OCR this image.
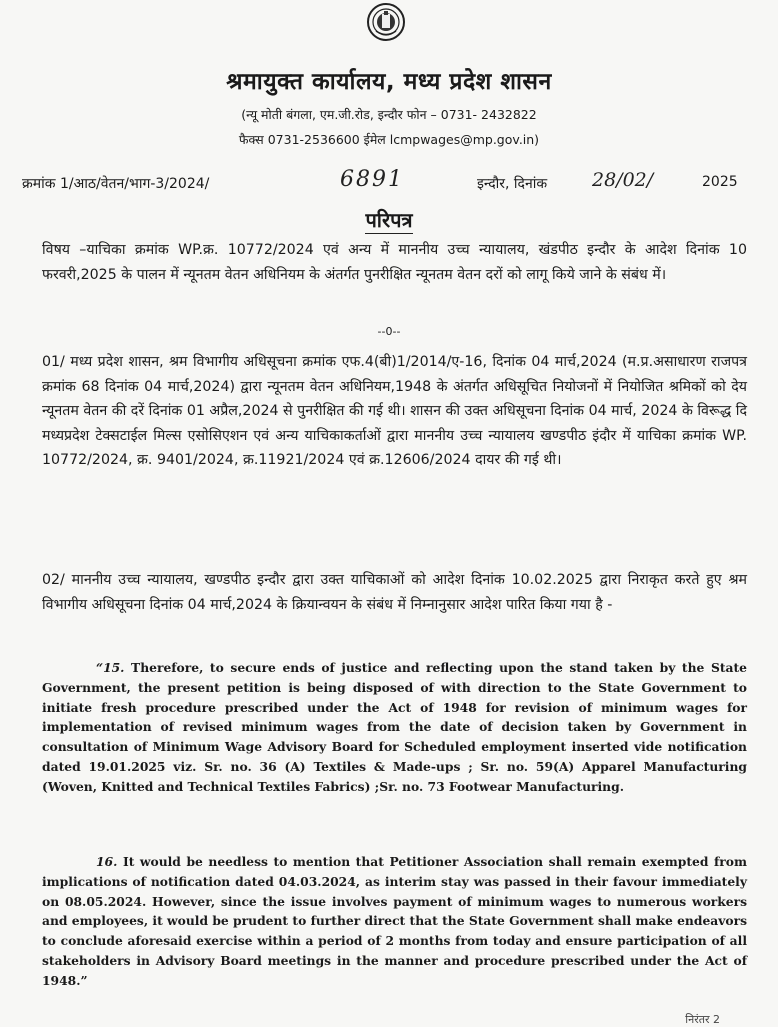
श्रमायुक्त कार्यालय, मध्य प्रदेश शासन
(न्यू मोती बंगला, एम.जी.रोड, इन्दौर फोन – 0731- 2432822
फैक्स 0731-2536600 ईमेल lcmpwages@mp.gov.in)
क्रमांक 1/आठ/वेतन/भाग-3/2024/	6891	इन्दौर, दिनांक 28/02/	2025
परिपत्र
विषय –याचिका क्रमांक WP.क्र. 10772/2024 एवं अन्य में माननीय उच्च न्यायालय, खंडपीठ इन्दौर के आदेश दिनांक 10 फरवरी,2025 के पालन में न्यूनतम वेतन अधिनियम के अंतर्गत पुनरीक्षित न्यूनतम वेतन दरों को लागू किये जाने के संबंध में।
--0--
01/ मध्य प्रदेश शासन, श्रम विभागीय अधिसूचना क्रमांक एफ.4(बी)1/2014/ए-16, दिनांक 04 मार्च,2024 (म.प्र.असाधारण राजपत्र क्रमांक 68 दिनांक 04 मार्च,2024) द्वारा न्यूनतम वेतन अधिनियम,1948 के अंतर्गत अधिसूचित नियोजनों में नियोजित श्रमिकों को देय न्यूनतम वेतन की दरें दिनांक 01 अप्रैल,2024 से पुनरीक्षित की गई थी। शासन की उक्त अधिसूचना दिनांक 04 मार्च, 2024 के विरूद्ध दि मध्यप्रदेश टेक्सटाईल मिल्स एसोसिएशन एवं अन्य याचिकाकर्ताओं द्वारा माननीय उच्च न्यायालय खण्डपीठ इंदौर में याचिका क्रमांक WP. 10772/2024, क्र. 9401/2024, क्र.11921/2024 एवं क्र.12606/2024 दायर की गई थी।
02/ माननीय उच्च न्यायालय, खण्डपीठ इन्दौर द्वारा उक्त याचिकाओं को आदेश दिनांक 10.02.2025 द्वारा निराकृत करते हुए श्रम विभागीय अधिसूचना दिनांक 04 मार्च,2024 के क्रियान्वयन के संबंध में निम्नानुसार आदेश पारित किया गया है -
“15. Therefore, to secure ends of justice and reflecting upon the stand taken by the State Government, the present petition is being disposed of with direction to the State Government to initiate fresh procedure prescribed under the Act of 1948 for revision of minimum wages for implementation of revised minimum wages from the date of decision taken by Government in consultation of Minimum Wage Advisory Board for Scheduled employment inserted vide notification dated 19.01.2025 viz. Sr. no. 36 (A) Textiles & Made-ups ; Sr. no. 59(A) Apparel Manufacturing (Woven, Knitted and Technical Textiles Fabrics) ;Sr. no. 73 Footwear Manufacturing.
16. It would be needless to mention that Petitioner Association shall remain exempted from implications of notification dated 04.03.2024, as interim stay was passed in their favour immediately on 08.05.2024. However, since the issue involves payment of minimum wages to numerous workers and employees, it would be prudent to further direct that the State Government shall make endeavors to conclude aforesaid exercise within a period of 2 months from today and ensure participation of all stakeholders in Advisory Board meetings in the manner and procedure prescribed under the Act of 1948.”
निरंतर 2
